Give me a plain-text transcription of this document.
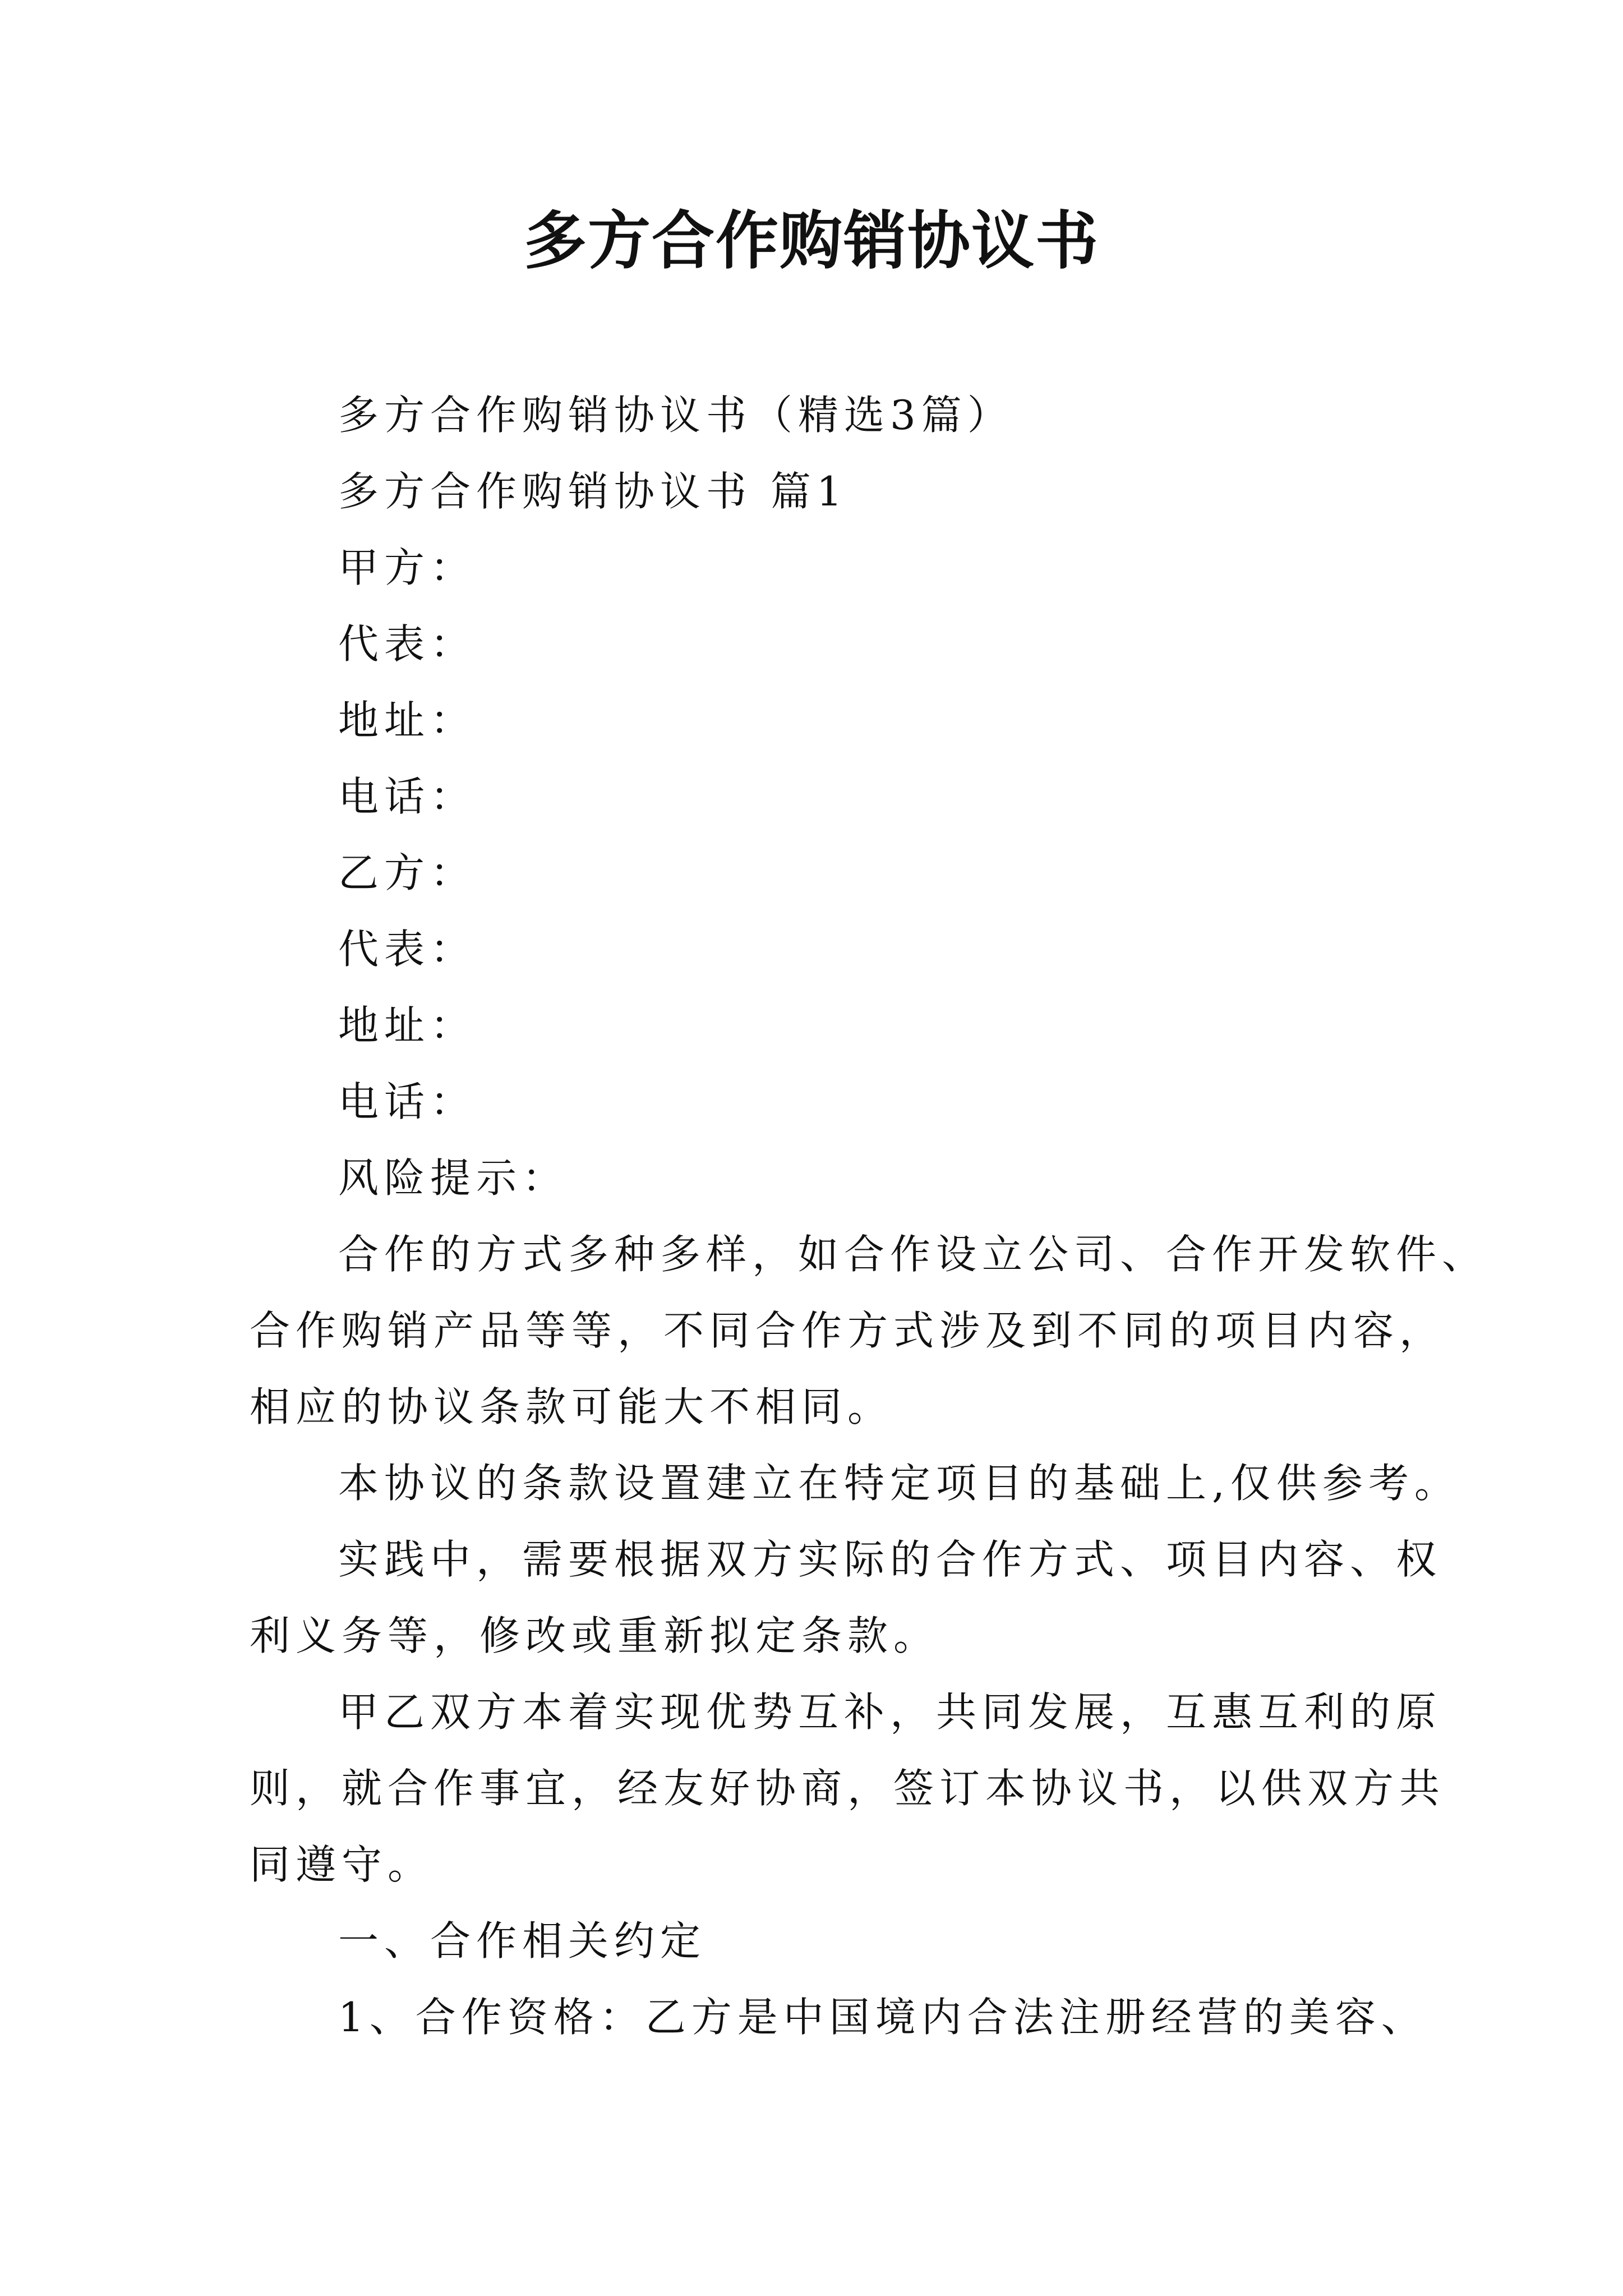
多方合作购销协议书
多方合作购销协议书（精选3篇）
多方合作购销协议书 篇1
甲方：
代表：
地址：
电话：
乙方：
代表：
地址：
电话：
风险提示：
合作的方式多种多样，如合作设立公司、合作开发软件、
合作购销产品等等，不同合作方式涉及到不同的项目内容，
相应的协议条款可能大不相同。
本协议的条款设置建立在特定项目的基础上,仅供参考。
实践中，需要根据双方实际的合作方式、项目内容、权
利义务等，修改或重新拟定条款。
甲乙双方本着实现优势互补，共同发展，互惠互利的原
则，就合作事宜，经友好协商，签订本协议书，以供双方共
同遵守。
一、合作相关约定
1、合作资格：乙方是中国境内合法注册经营的美容、
